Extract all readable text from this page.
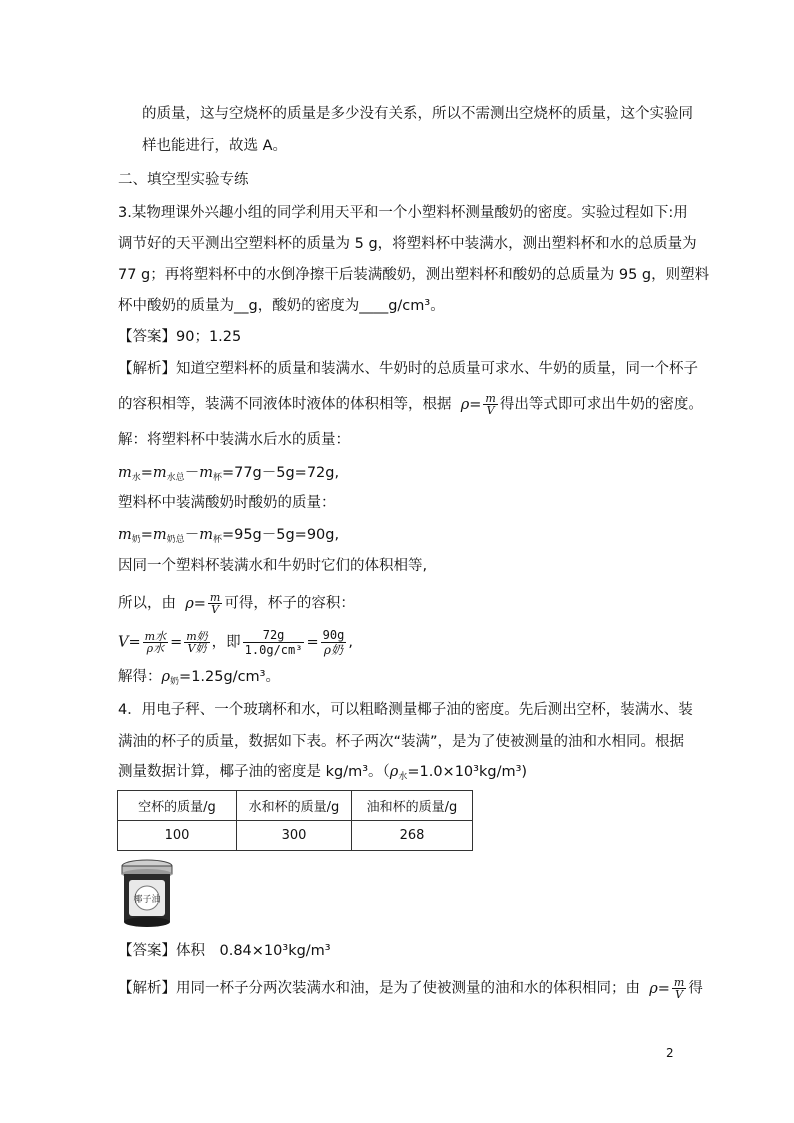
的质量，这与空烧杯的质量是多少没有关系，所以不需测出空烧杯的质量，这个实验同
样也能进行，故选 A。
二、填空型实验专练
3.某物理课外兴趣小组的同学利用天平和一个小塑料杯测量酸奶的密度。实验过程如下:用
调节好的天平测出空塑料杯的质量为 5 g，将塑料杯中装满水，测出塑料杯和水的总质量为
77 g；再将塑料杯中的水倒净擦干后装满酸奶，测出塑料杯和酸奶的总质量为 95 g，则塑料
杯中酸奶的质量为__g，酸奶的密度为____g/cm³。
【答案】90；1.25
【解析】知道空塑料杯的质量和装满水、牛奶时的总质量可求水、牛奶的质量，同一个杯子
的容积相等，装满不同液体时液体的体积相等，根据 $\rho= \frac{m}{V}$ 得出等式即可求出牛奶的密度。
解：将塑料杯中装满水后水的质量：
$m_水=m_{水总}-m_杯=77g-5g=72g$,
塑料杯中装满酸奶时酸奶的质量：
$m_奶=m_{奶总}-m_杯=95g-5g=90g$,
因同一个塑料杯装满水和牛奶时它们的体积相等,
所以，由 $\rho= \frac{m}{V}$ 可得，杯子的容积：
$V= \frac{\text{m水}}{\text{ρ水}} = \frac{\text{m奶}}{\text{V奶}}$ ，即 $\frac{72g}{\text{1.0g/cm³}} = \frac{90g}{\text{ρ奶}}$ ,
解得：$\rho_奶=1.25g$/cm³。
4．用电子秤、一个玻璃杯和水，可以粗略测量椰子油的密度。先后测出空杯，装满水、装
满油的杯子的质量，数据如下表。杯子两次“装满”，是为了使被测量的油和水相同。根据
测量数据计算，椰子油的密度是 kg/m³。$(\rho_水=1.0\times 10^3kg/m^3)$
空杯的质量/g	水和杯的质量/g	油和杯的质量/g
100	300	268
椰子油
【答案】体积　0.84×10³kg/m³
【解析】用同一杯子分两次装满水和油，是为了使被测量的油和水的体积相同；由 $\rho= \frac{m}{V}$ 得
2
